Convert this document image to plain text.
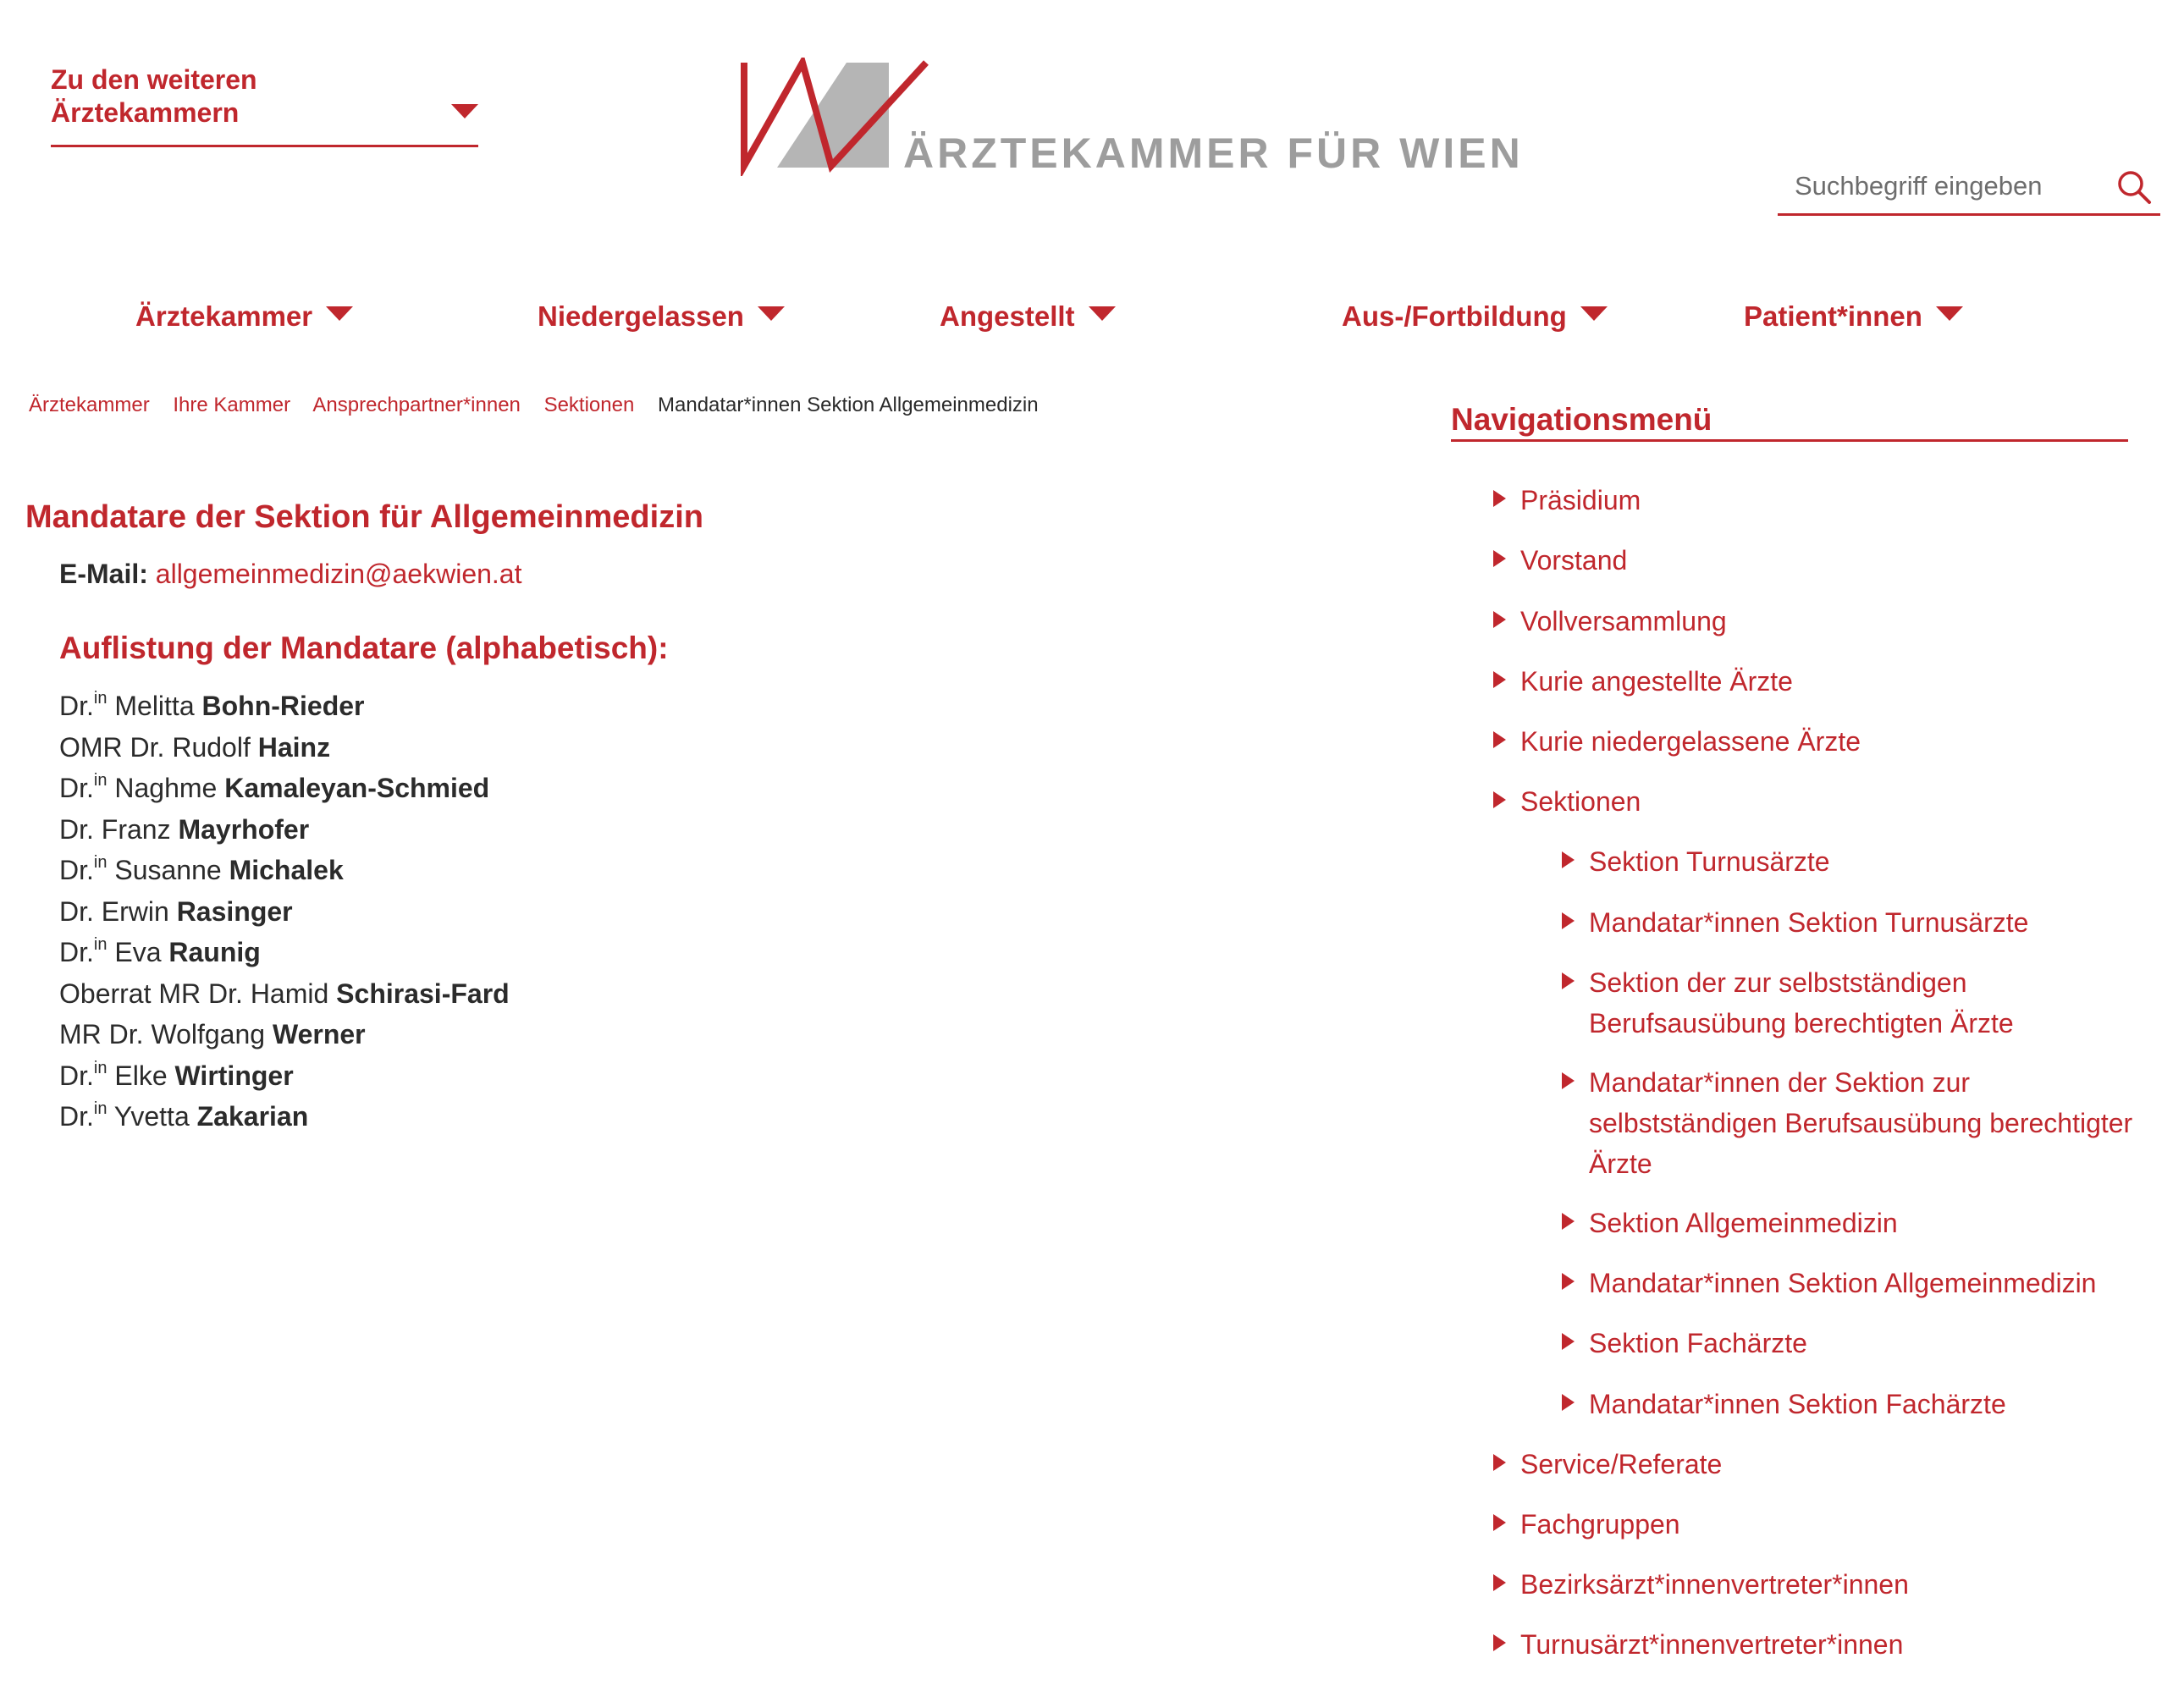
Zu den weiteren Ärztekammern
ÄRZTEKAMMER FÜR WIEN
Suchbegriff eingeben
Ärztekammer	Niedergelassen	Angestellt	Aus-/Fortbildung	Patient*innen
Ärztekammer Ihre Kammer Ansprechpartner*innen Sektionen Mandatar*innen Sektion Allgemeinmedizin
Mandatare der Sektion für Allgemeinmedizin
E-Mail: allgemeinmedizin@aekwien.at
Auflistung der Mandatare (alphabetisch):
Dr.$^{in}$ Melitta Bohn-Rieder
OMR Dr. Rudolf Hainz
Dr.$^{in}$ Naghme Kamaleyan-Schmied
Dr. Franz Mayrhofer
Dr.$^{in}$ Susanne Michalek
Dr. Erwin Rasinger
Dr.$^{in}$ Eva Raunig
Oberrat MR Dr. Hamid Schirasi-Fard
MR Dr. Wolfgang Werner
Dr.$^{in}$ Elke Wirtinger
Dr.$^{in}$ Yvetta Zakarian
Navigationsmenü
Präsidium
Vorstand
Vollversammlung
Kurie angestellte Ärzte
Kurie niedergelassene Ärzte
Sektionen
Sektion Turnusärzte
Mandatar*innen Sektion Turnusärzte
Sektion der zur selbstständigen Berufsausübung berechtigten Ärzte
Mandatar*innen der Sektion zur selbstständigen Berufsausübung berechtigter Ärzte
Sektion Allgemeinmedizin
Mandatar*innen Sektion Allgemeinmedizin
Sektion Fachärzte
Mandatar*innen Sektion Fachärzte
Service/Referate
Fachgruppen
Bezirksärzt*innenvertreter*innen
Turnusärzt*innenvertreter*innen
